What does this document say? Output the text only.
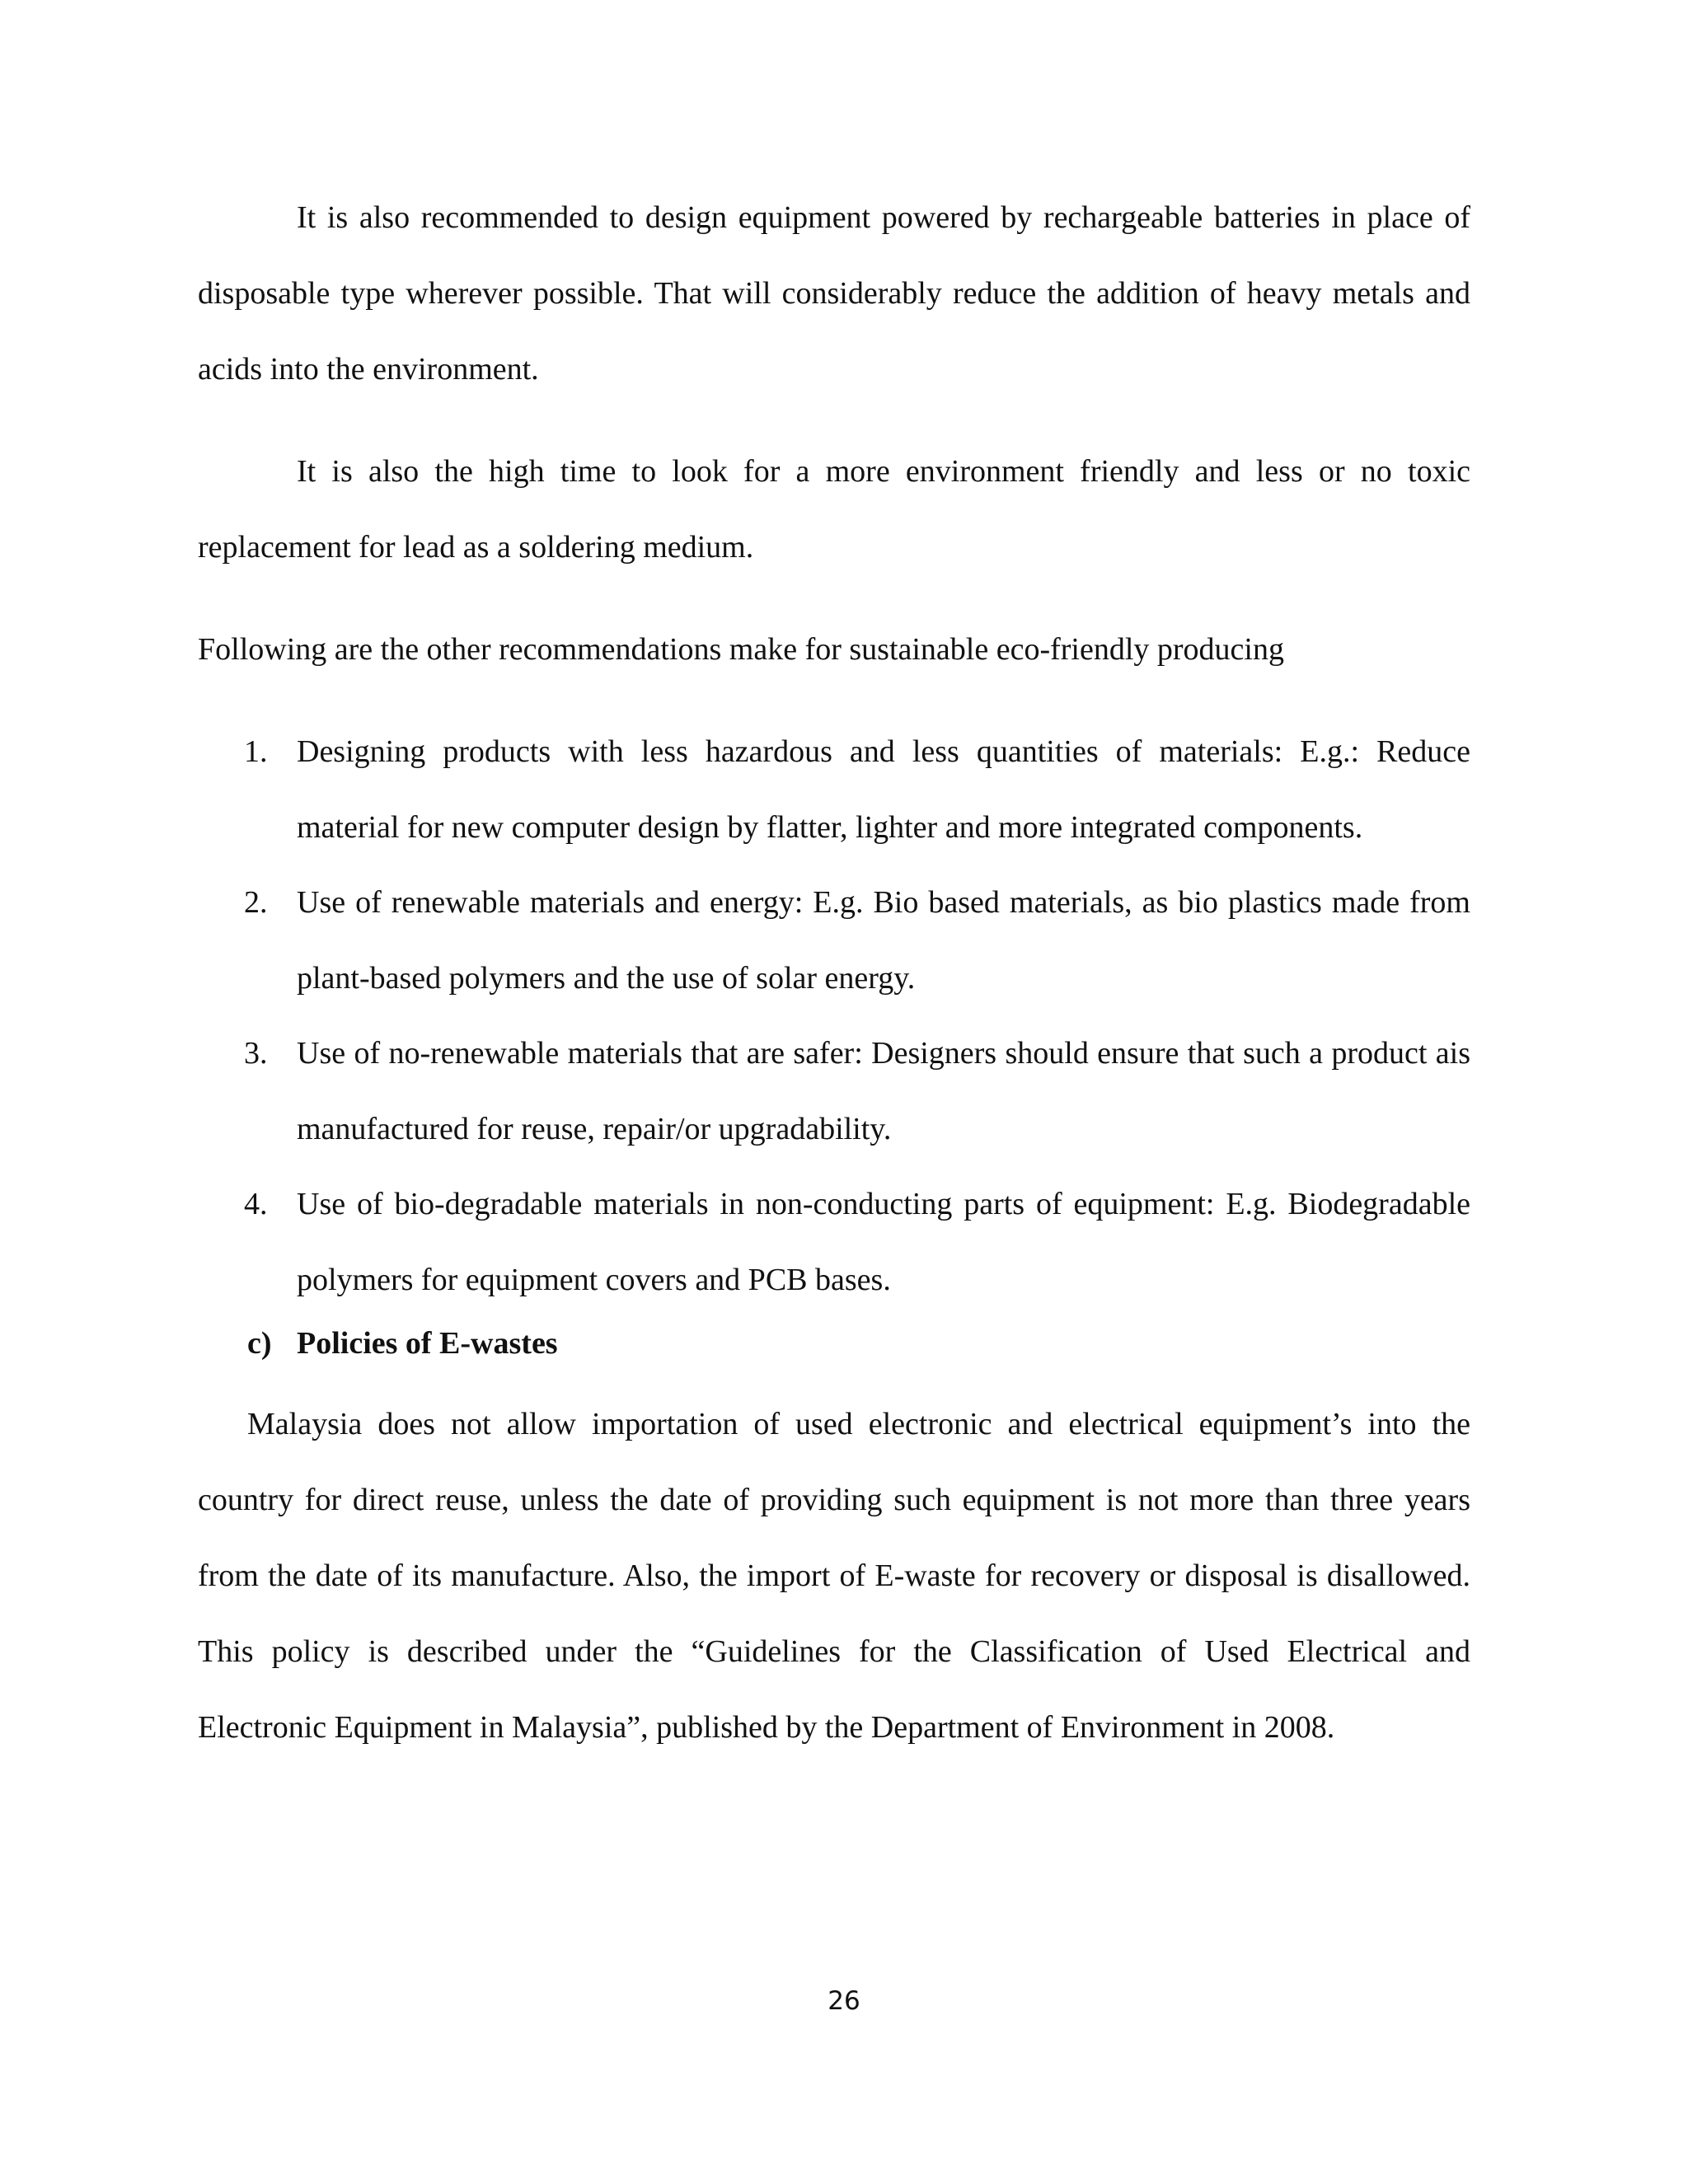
It is also recommended to design equipment powered by rechargeable batteries in place of disposable type wherever possible. That will considerably reduce the addition of heavy metals and acids into the environment.

It is also the high time to look for a more environment friendly and less or no toxic replacement for lead as a soldering medium.

Following are the other recommendations make for sustainable eco-friendly producing

1. Designing products with less hazardous and less quantities of materials: E.g.: Reduce material for new computer design by flatter, lighter and more integrated components.
2. Use of renewable materials and energy: E.g. Bio based materials, as bio plastics made from plant-based polymers and the use of solar energy.
3. Use of no-renewable materials that are safer: Designers should ensure that such a product ais manufactured for reuse, repair/or upgradability.
4. Use of bio-degradable materials in non-conducting parts of equipment: E.g. Biodegradable polymers for equipment covers and PCB bases.
c) Policies of E-wastes

Malaysia does not allow importation of used electronic and electrical equipment’s into the country for direct reuse, unless the date of providing such equipment is not more than three years from the date of its manufacture. Also, the import of E-waste for recovery or disposal is disallowed. This policy is described under the “Guidelines for the Classification of Used Electrical and Electronic Equipment in Malaysia”, published by the Department of Environment in 2008.

26
